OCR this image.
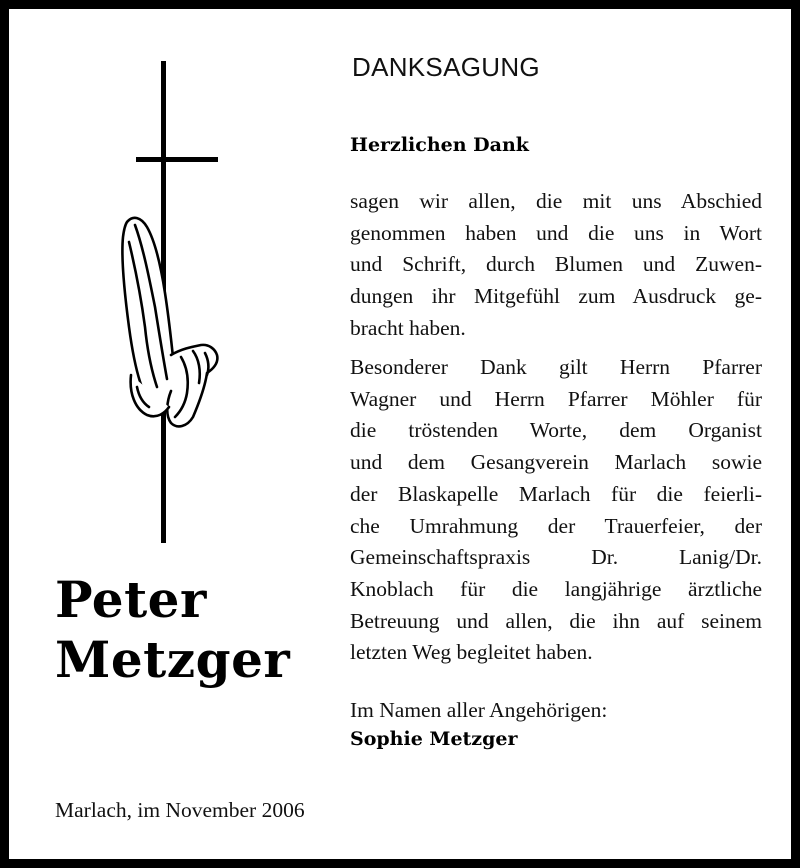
Peter
Metzger
DANKSAGUNG
Herzlichen Dank
sagen wir allen, die mit uns Abschied
genommen haben und die uns in Wort
und Schrift, durch Blumen und Zuwen-
dungen ihr Mitgefühl zum Ausdruck ge-
bracht haben.
Besonderer Dank gilt Herrn Pfarrer
Wagner und Herrn Pfarrer Möhler für
die tröstenden Worte, dem Organist
und dem Gesangverein Marlach sowie
der Blaskapelle Marlach für die feierli-
che Umrahmung der Trauerfeier, der
Gemeinschaftspraxis Dr. Lanig/Dr.
Knoblach für die langjährige ärztliche
Betreuung und allen, die ihn auf seinem
letzten Weg begleitet haben.
Im Namen aller Angehörigen:
Sophie Metzger
Marlach, im November 2006
